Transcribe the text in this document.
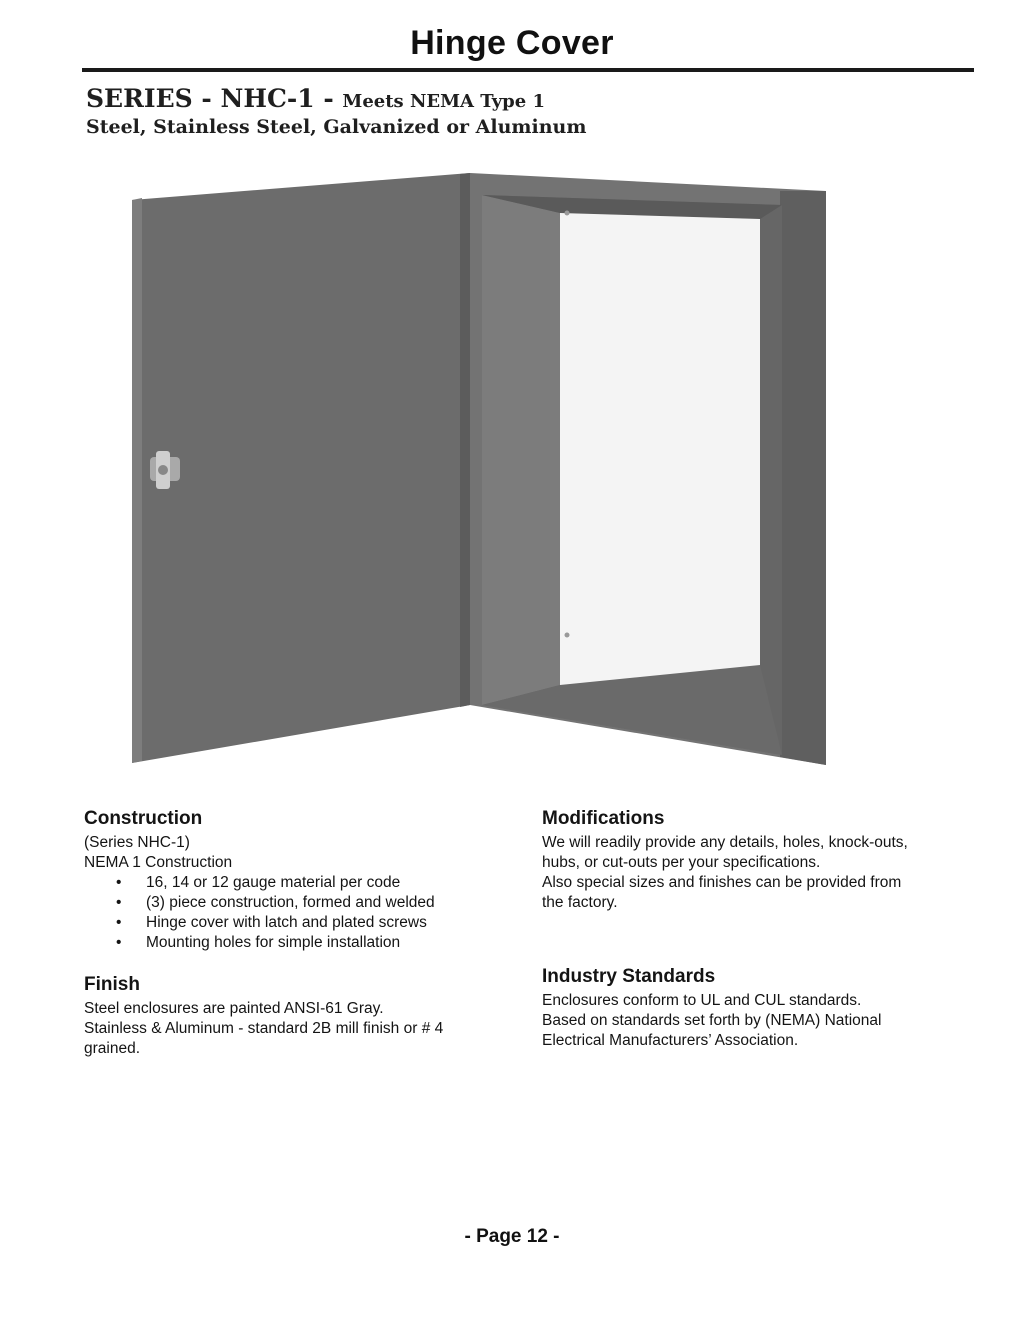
Hinge Cover
SERIES - NHC-1 - Meets NEMA Type 1
Steel, Stainless Steel, Galvanized or Aluminum
Construction

(Series NHC-1)

NEMA 1 Construction

• 16, 14 or 12 gauge material per code
• (3) piece construction, formed and welded
• Hinge cover with latch and plated screws
• Mounting holes for simple installation
Finish

Steel enclosures are painted ANSI-61 Gray.

Stainless & Aluminum - standard 2B mill finish or # 4

grained.

Modifications

We will readily provide any details, holes, knock-outs,

hubs, or cut-outs per your specifications.

Also special sizes and finishes can be provided from

the factory.

Industry Standards

Enclosures conform to UL and CUL standards.

Based on standards set forth by (NEMA) National

Electrical Manufacturers’ Association.

- Page 12 -
